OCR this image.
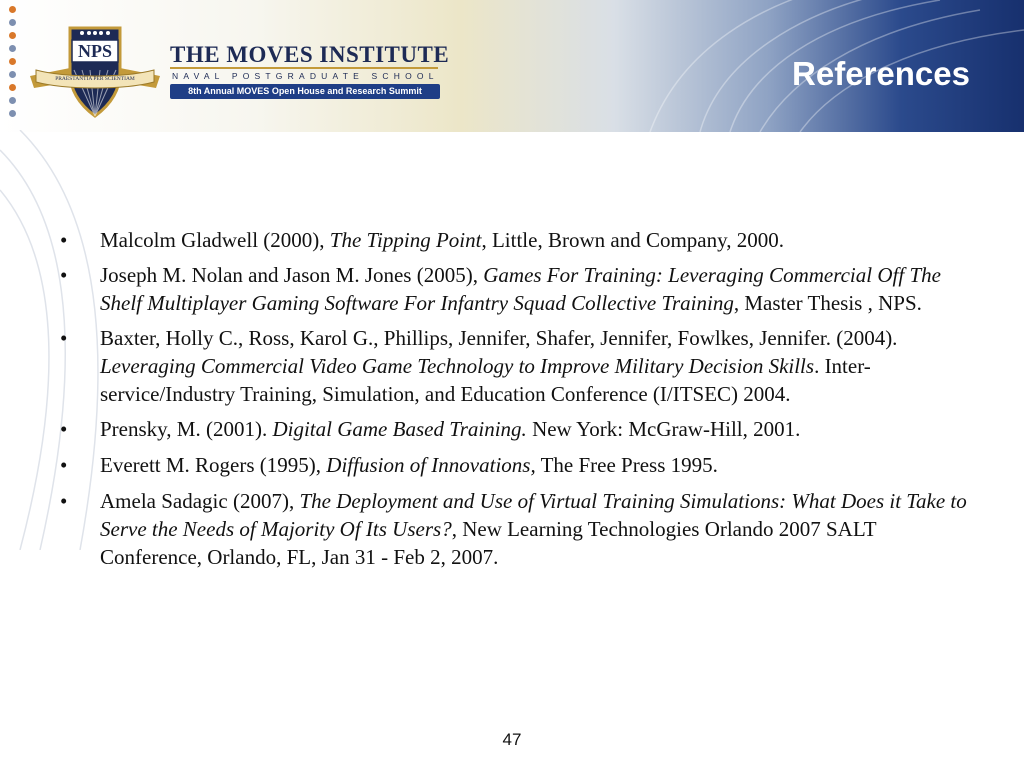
NPS
PRAESTANTIA PER SCIENTIAM
THE MOVES INSTITUTE
NAVAL POSTGRADUATE SCHOOL
8th Annual MOVES Open House and Research Summit	References
•	Malcolm Gladwell (2000), The Tipping Point, Little, Brown and Company, 2000.
•	Joseph M. Nolan and Jason M. Jones (2005), Games For Training: Leveraging Commercial Off The Shelf Multiplayer Gaming Software For Infantry Squad Collective Training, Master Thesis , NPS.
•	Baxter, Holly C., Ross, Karol G., Phillips, Jennifer, Shafer, Jennifer, Fowlkes, Jennifer. (2004). Leveraging Commercial Video Game Technology to Improve Military Decision Skills. Inter-service/Industry Training, Simulation, and Education Conference (I/ITSEC) 2004.
•	Prensky, M. (2001). Digital Game Based Training. New York: McGraw-Hill, 2001.
•	Everett M. Rogers (1995), Diffusion of Innovations, The Free Press 1995.
•	Amela Sadagic (2007), The Deployment and Use of Virtual Training Simulations: What Does it Take to Serve the Needs of Majority Of Its Users?, New Learning Technologies Orlando 2007 SALT Conference, Orlando, FL, Jan 31 - Feb 2, 2007.
47
